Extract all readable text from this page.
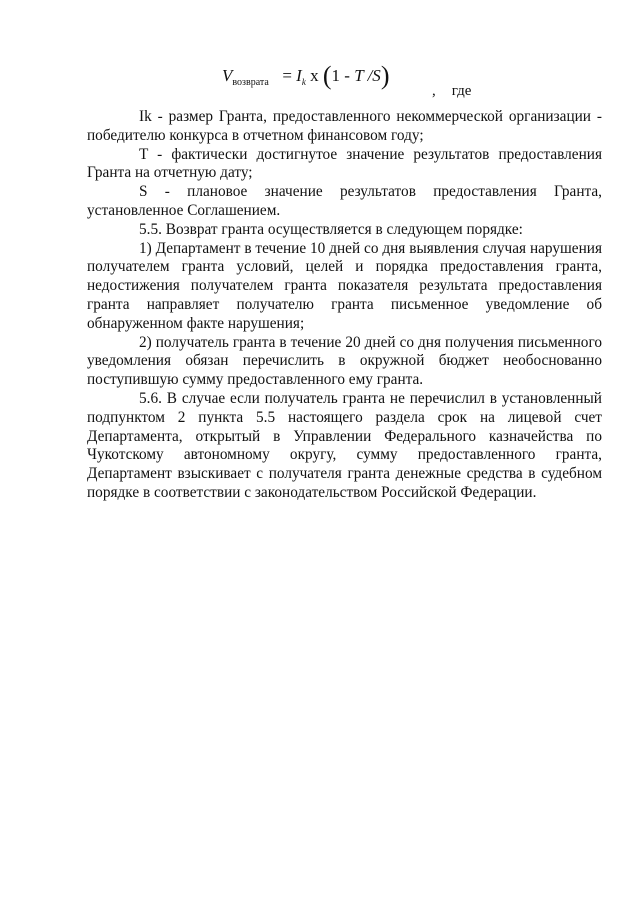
$V_{возврата} = I_k$ x (1 - T /S)
, где

Ik - размер Гранта, предоставленного некоммерческой организации - победителю конкурса в отчетном финансовом году;

T - фактически достигнутое значение результатов предоставления Гранта на отчетную дату;

S - плановое значение результатов предоставления Гранта, установленное Соглашением.

5.5. Возврат гранта осуществляется в следующем порядке:

1) Департамент в течение 10 дней со дня выявления случая нарушения получателем гранта условий, целей и порядка предоставления гранта, недостижения получателем гранта показателя результата предоставления гранта направляет получателю гранта письменное уведомление об обнаруженном факте нарушения;

2) получатель гранта в течение 20 дней со дня получения письменного уведомления обязан перечислить в окружной бюджет необоснованно поступившую сумму предоставленного ему гранта.

5.6. В случае если получатель гранта не перечислил в установленный подпунктом 2 пункта 5.5 настоящего раздела срок на лицевой счет Департамента, открытый в Управлении Федерального казначейства по Чукотскому автономному округу, сумму предоставленного гранта, Департамент взыскивает с получателя гранта денежные средства в судебном порядке в соответствии с законодательством Российской Федерации.
